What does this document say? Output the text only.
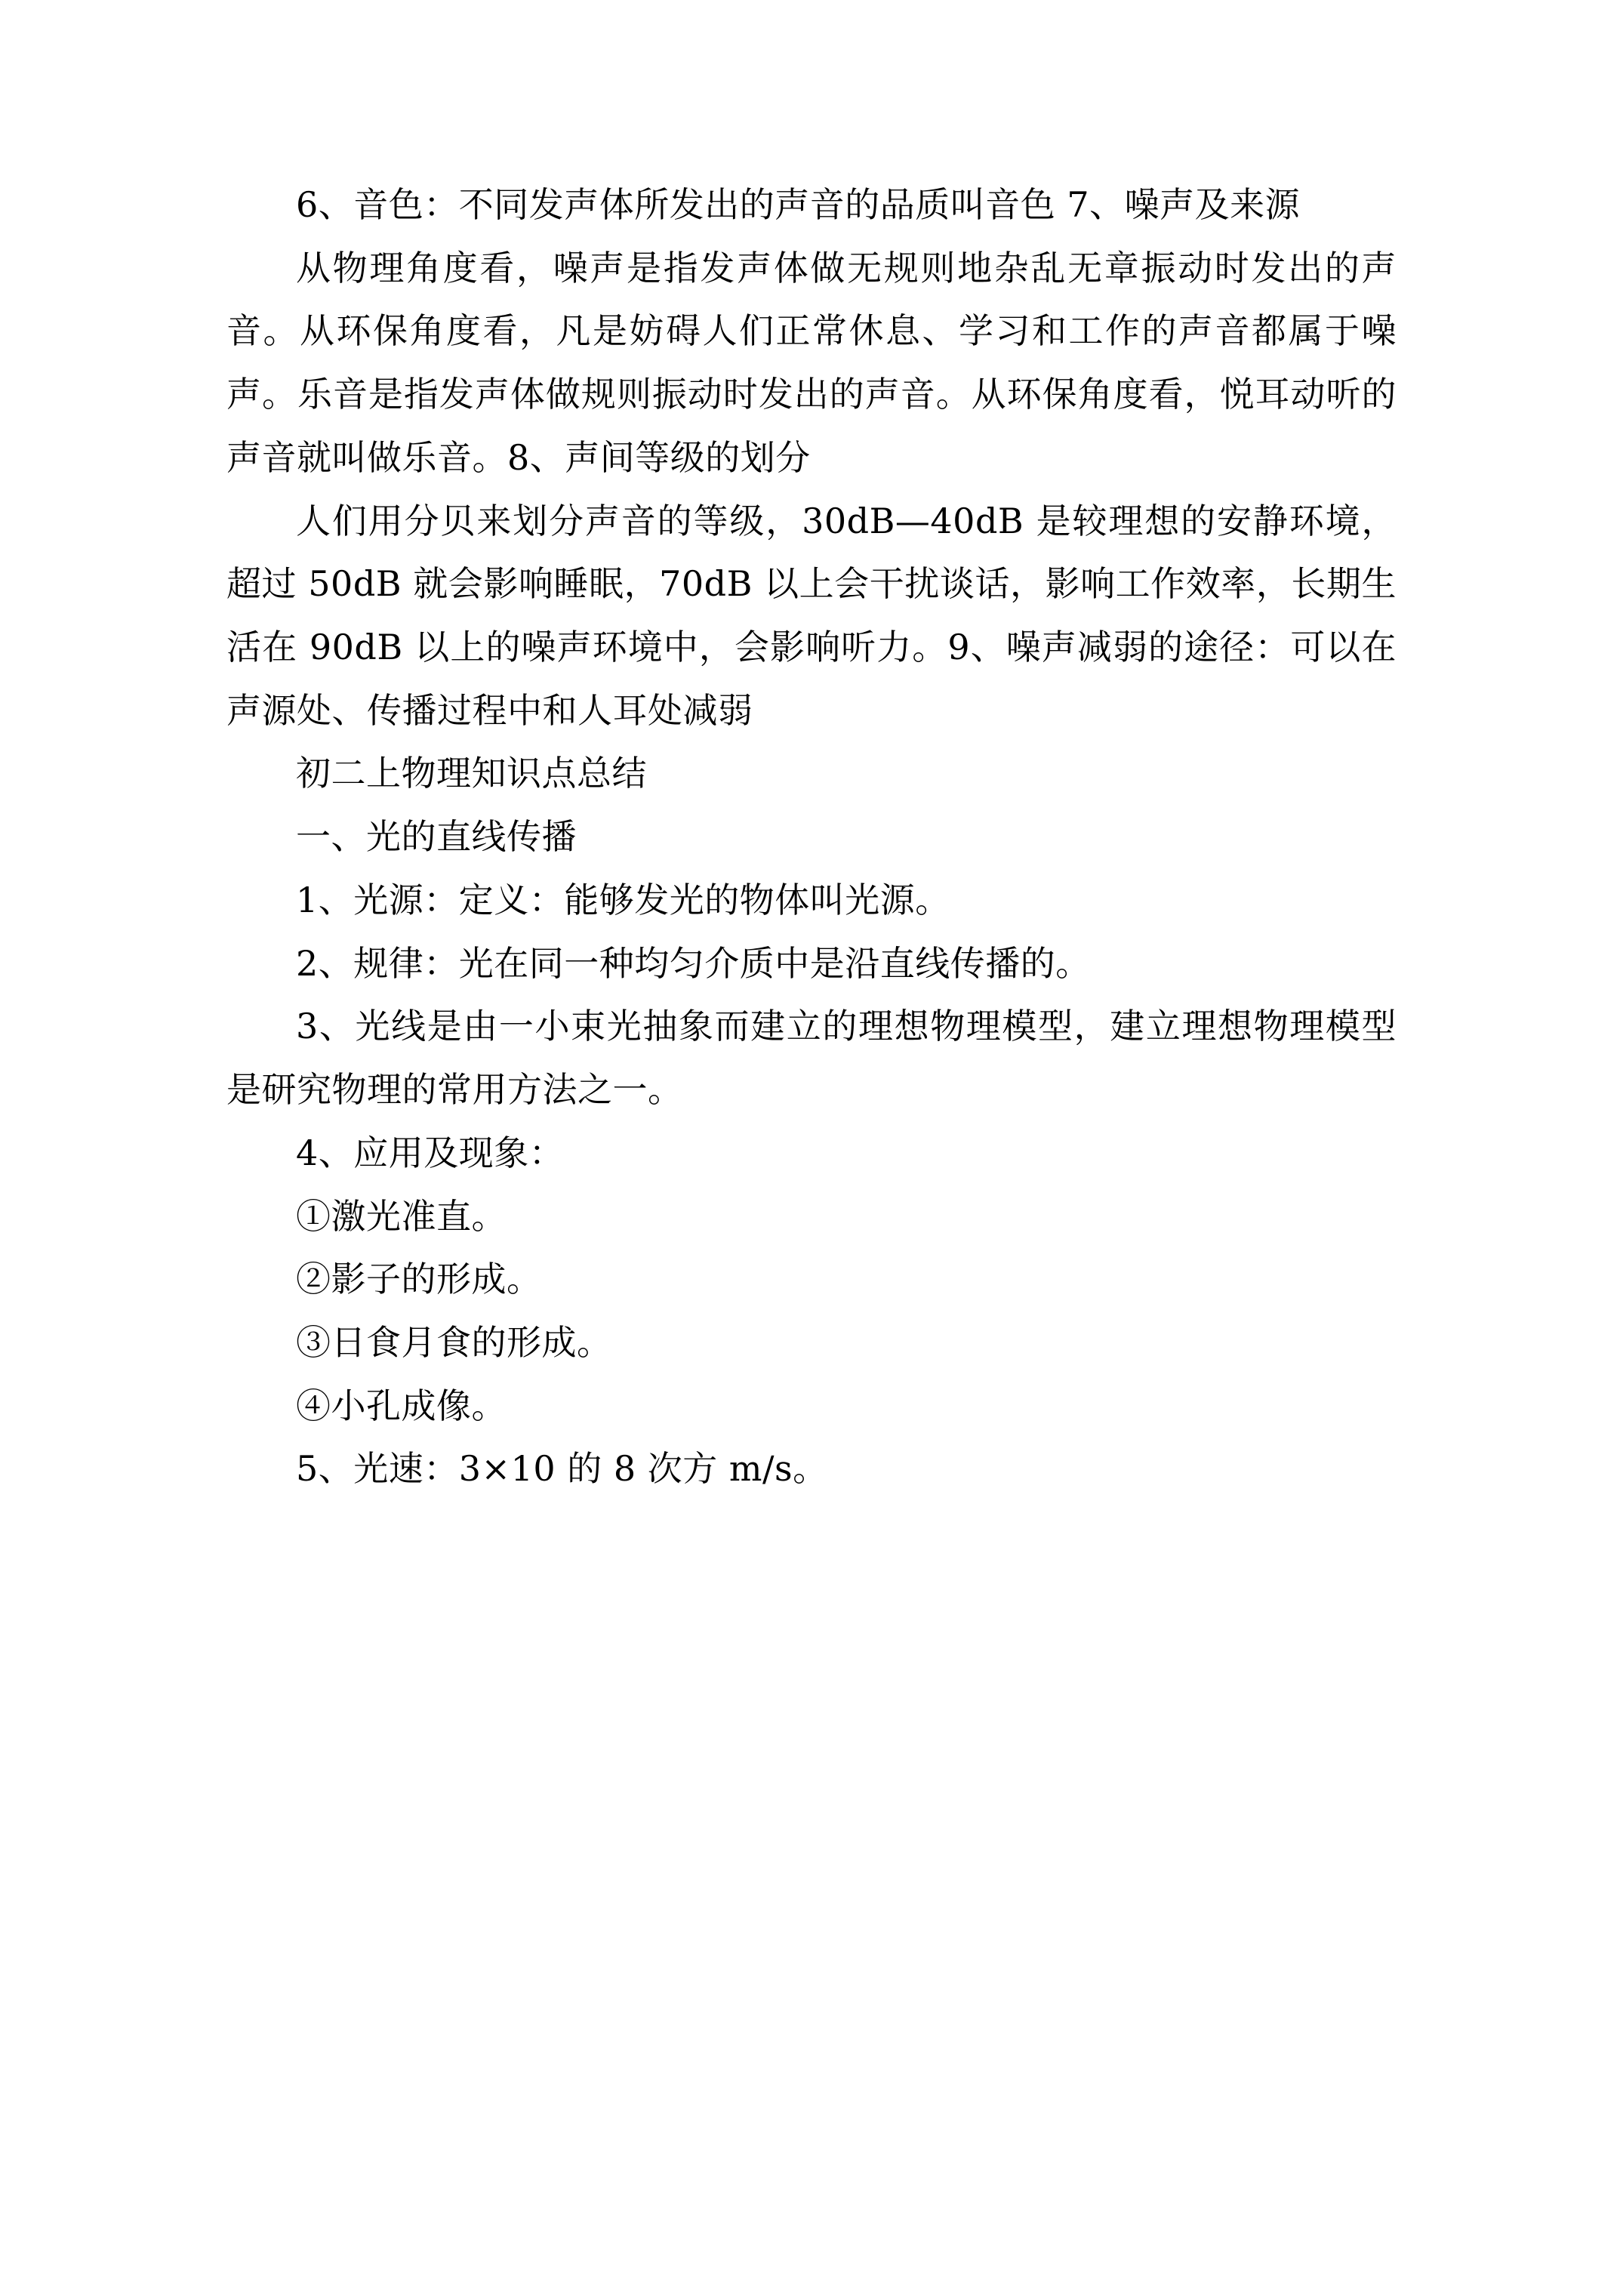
6、音色：不同发声体所发出的声音的品质叫音色 7、噪声及来源

从物理角度看，噪声是指发声体做无规则地杂乱无章振动时发出的声音。从环保角度看，凡是妨碍人们正常休息、学习和工作的声音都属于噪声。乐音是指发声体做规则振动时发出的声音。从环保角度看，悦耳动听的声音就叫做乐音。8、声间等级的划分

人们用分贝来划分声音的等级，30dB—40dB 是较理想的安静环境，超过 50dB 就会影响睡眠，70dB 以上会干扰谈话，影响工作效率，长期生活在 90dB 以上的噪声环境中，会影响听力。9、噪声减弱的途径：可以在声源处、传播过程中和人耳处减弱

初二上物理知识点总结

一、光的直线传播

1、光源：定义：能够发光的物体叫光源。

2、规律：光在同一种均匀介质中是沿直线传播的。

3、光线是由一小束光抽象而建立的理想物理模型，建立理想物理模型是研究物理的常用方法之一。

4、应用及现象：

①激光准直。

②影子的形成。

③日食月食的形成。

④小孔成像。

5、光速：3×10 的 8 次方 m/s。
